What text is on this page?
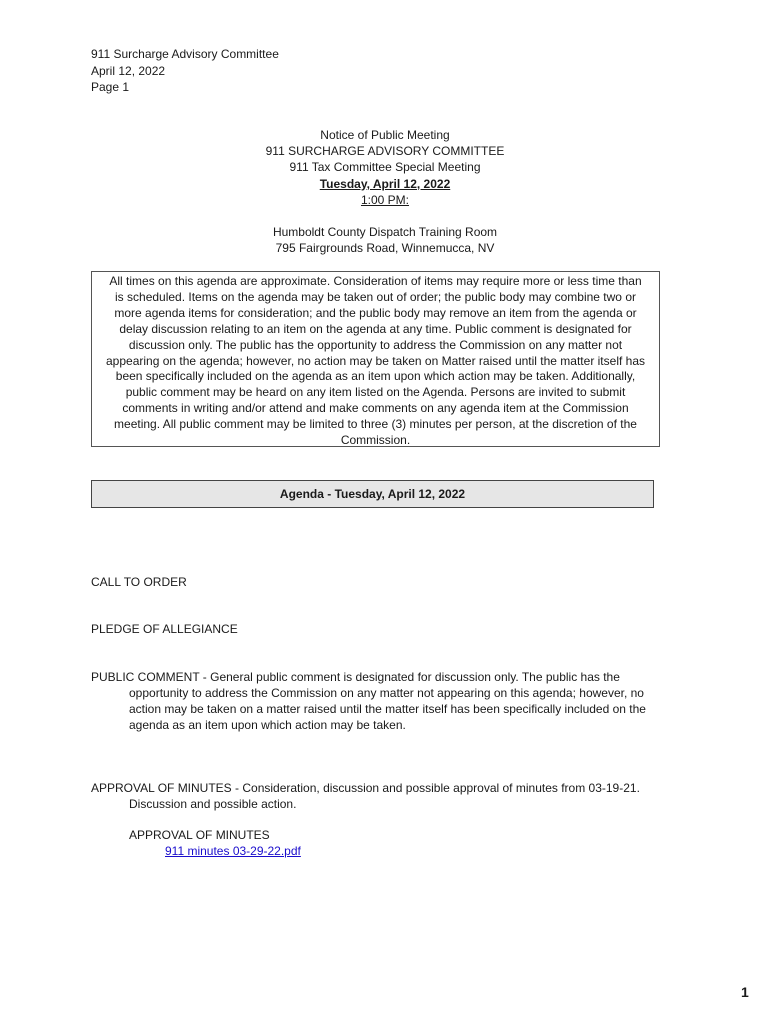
911 Surcharge Advisory Committee
April 12, 2022
Page 1
Notice of Public Meeting
911 SURCHARGE ADVISORY COMMITTEE
911 Tax Committee Special Meeting
Tuesday, April 12, 2022
1:00 PM:
Humboldt County Dispatch Training Room
795 Fairgrounds Road, Winnemucca, NV
All times on this agenda are approximate. Consideration of items may require more or less time than
is scheduled. Items on the agenda may be taken out of order; the public body may combine two or
more agenda items for consideration; and the public body may remove an item from the agenda or
delay discussion relating to an item on the agenda at any time. Public comment is designated for
discussion only. The public has the opportunity to address the Commission on any matter not
appearing on the agenda; however, no action may be taken on Matter raised until the matter itself has
been specifically included on the agenda as an item upon which action may be taken. Additionally,
public comment may be heard on any item listed on the Agenda. Persons are invited to submit
comments in writing and/or attend and make comments on any agenda item at the Commission
meeting. All public comment may be limited to three (3) minutes per person, at the discretion of the
Commission.
Agenda - Tuesday, April 12, 2022
CALL TO ORDER
PLEDGE OF ALLEGIANCE
PUBLIC COMMENT - General public comment is designated for discussion only. The public has the
opportunity to address the Commission on any matter not appearing on this agenda; however, no
action may be taken on a matter raised until the matter itself has been specifically included on the
agenda as an item upon which action may be taken.
APPROVAL OF MINUTES - Consideration, discussion and possible approval of minutes from 03-19-21.
Discussion and possible action.
APPROVAL OF MINUTES
911 minutes 03-29-22.pdf
1
